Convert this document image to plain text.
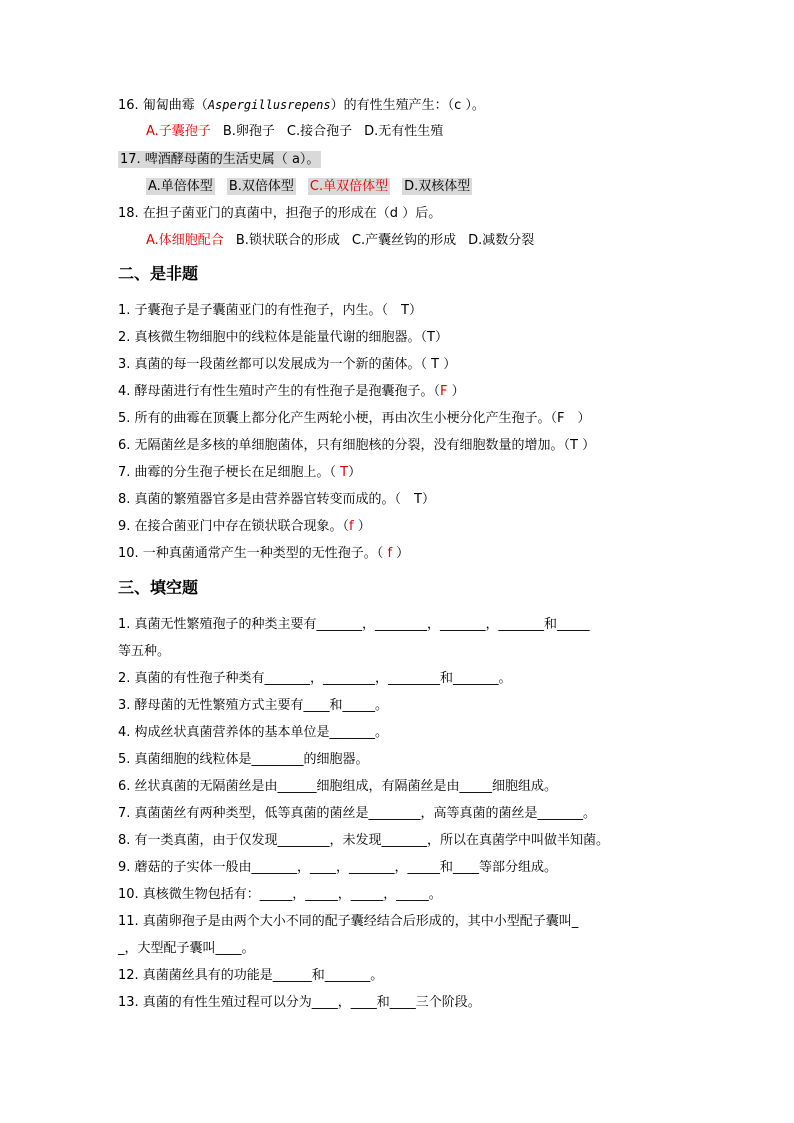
16. 匍匐曲霉（Aspergillusrepens）的有性生殖产生：（c ）。
A.子囊孢子 B.卵孢子 C.接合孢子 D.无有性生殖
17. 啤酒酵母菌的生活史属（ a）。
A.单倍体型 B.双倍体型 C.单双倍体型 D.双核体型
18. 在担子菌亚门的真菌中，担孢子的形成在（d ）后。
A.体细胞配合 B.锁状联合的形成 C.产囊丝钩的形成 D.减数分裂
二、是非题
1. 子囊孢子是子囊菌亚门的有性孢子，内生。（　T）
2. 真核微生物细胞中的线粒体是能量代谢的细胞器。（T）
3. 真菌的每一段菌丝都可以发展成为一个新的菌体。（ T ）
4. 酵母菌进行有性生殖时产生的有性孢子是孢囊孢子。（F ）
5. 所有的曲霉在顶囊上都分化产生两轮小梗，再由次生小梗分化产生孢子。（F　）
6. 无隔菌丝是多核的单细胞菌体，只有细胞核的分裂，没有细胞数量的增加。（T ）
7. 曲霉的分生孢子梗长在足细胞上。（ T）
8. 真菌的繁殖器官多是由营养器官转变而成的。（　T）
9. 在接合菌亚门中存在锁状联合现象。（f ）
10. 一种真菌通常产生一种类型的无性孢子。（ f ）
三、填空题
1. 真菌无性繁殖孢子的种类主要有_______，________，_______，_______和_____
等五种。
2. 真菌的有性孢子种类有_______，________，________和_______。
3. 酵母菌的无性繁殖方式主要有____和_____。
4. 构成丝状真菌营养体的基本单位是_______。
5. 真菌细胞的线粒体是________的细胞器。
6. 丝状真菌的无隔菌丝是由______细胞组成，有隔菌丝是由_____细胞组成。
7. 真菌菌丝有两种类型，低等真菌的菌丝是________，高等真菌的菌丝是_______。
8. 有一类真菌，由于仅发现________，未发现_______，所以在真菌学中叫做半知菌。
9. 蘑菇的子实体一般由_______，____，_______，_____和____等部分组成。
10. 真核微生物包括有：_____，_____，_____，_____。
11. 真菌卵孢子是由两个大小不同的配子囊经结合后形成的，其中小型配子囊叫_
_，大型配子囊叫____。
12. 真菌菌丝具有的功能是______和_______。
13. 真菌的有性生殖过程可以分为____，____和____三个阶段。
